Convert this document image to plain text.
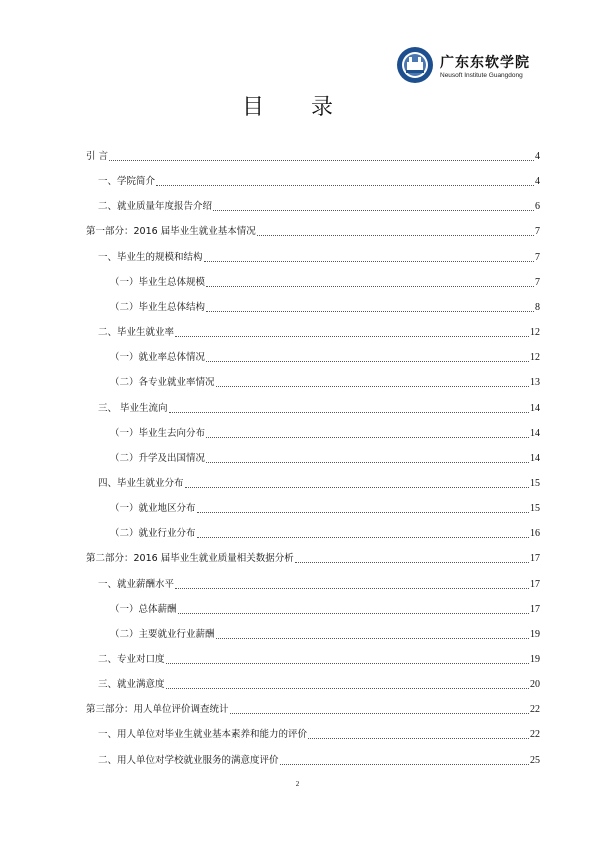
广东东软学院
Neusoft Institute Guangdong
目 录
引 言	4
一、学院简介	4
二、就业质量年度报告介绍	6
第一部分：2016 届毕业生就业基本情况	7
一、毕业生的规模和结构	7
（一）毕业生总体规模	7
（二）毕业生总体结构	8
二、毕业生就业率	12
（一）就业率总体情况	12
（二）各专业就业率情况	13
三、 毕业生流向	14
（一）毕业生去向分布	14
（二）升学及出国情况	14
四、毕业生就业分布	15
（一）就业地区分布	15
（二）就业行业分布	16
第二部分：2016 届毕业生就业质量相关数据分析	17
一、就业薪酬水平	17
（一）总体薪酬	17
（二）主要就业行业薪酬	19
二、专业对口度	19
三、就业满意度	20
第三部分：用人单位评价调查统计	22
一、用人单位对毕业生就业基本素养和能力的评价	22
二、用人单位对学校就业服务的满意度评价	25
2
